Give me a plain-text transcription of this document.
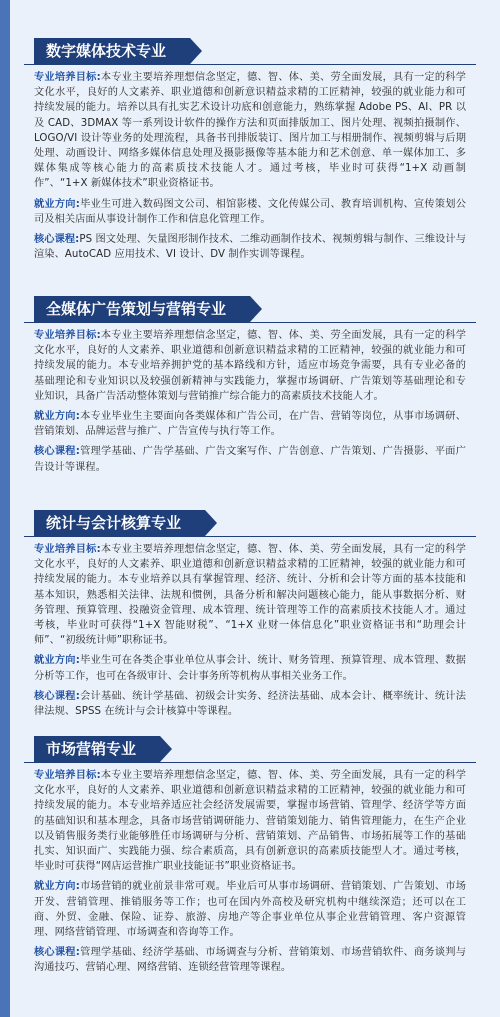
数字媒体技术专业

专业培养目标:本专业主要培养理想信念坚定，德、智、体、美、劳全面发展，具有一定的科学文化水平，良好的人文素养、职业道德和创新意识精益求精的工匠精神，较强的就业能力和可持续发展的能力。培养以具有扎实艺术设计功底和创意能力，熟练掌握 Adobe PS、AI、PR 以及 CAD、3DMAX 等一系列设计软件的操作方法和页面排版加工、图片处理、视频拍摄制作、LOGO/VI 设计等业务的处理流程，具备书刊排版装订、图片加工与相册制作、视频剪辑与后期处理、动画设计、网络多媒体信息处理及摄影摄像等基本能力和艺术创意、单一媒体加工、多媒体集成等核心能力的高素质技术技能人才。通过考核，毕业时可获得“1+X 动画制作”、“1+X 新媒体技术”职业资格证书。

就业方向:毕业生可进入数码图文公司、相馆影楼、文化传媒公司、教育培训机构、宣传策划公司及相关店面从事设计制作工作和信息化管理工作。

核心课程:PS 图文处理、矢量图形制作技术、二维动画制作技术、视频剪辑与制作、三维设计与渲染、AutoCAD 应用技术、VI 设计、DV 制作实训等课程。

全媒体广告策划与营销专业

专业培养目标:本专业主要培养理想信念坚定，德、智、体、美、劳全面发展，具有一定的科学文化水平，良好的人文素养、职业道德和创新意识精益求精的工匠精神，较强的就业能力和可持续发展的能力。本专业培养拥护党的基本路线和方针，适应市场竞争需要，具有专业必备的基础理论和专业知识以及较强创新精神与实践能力，掌握市场调研、广告策划等基础理论和专业知识，具备广告活动整体策划与营销推广综合能力的高素质技术技能人才。

就业方向:本专业毕业生主要面向各类媒体和广告公司，在广告、营销等岗位，从事市场调研、营销策划、品牌运营与推广、广告宣传与执行等工作。

核心课程:管理学基础、广告学基础、广告文案写作、广告创意、广告策划、广告摄影、平面广告设计等课程。

统计与会计核算专业

专业培养目标:本专业主要培养理想信念坚定，德、智、体、美、劳全面发展，具有一定的科学文化水平，良好的人文素养、职业道德和创新意识精益求精的工匠精神，较强的就业能力和可持续发展的能力。本专业培养以具有掌握管理、经济、统计、分析和会计等方面的基本技能和基本知识，熟悉相关法律、法规和惯例，具备分析和解决问题核心能力，能从事数据分析、财务管理、预算管理、投融资金管理、成本管理、统计管理等工作的高素质技术技能人才。通过考核，毕业时可获得“1+X 智能财税”、“1+X 业财一体信息化”职业资格证书和“助理会计师”、“初级统计师”职称证书。

就业方向:毕业生可在各类企事业单位从事会计、统计、财务管理、预算管理、成本管理、数据分析等工作，也可在各级审计、会计事务所等机构从事相关业务工作。

核心课程:会计基础、统计学基础、初级会计实务、经济法基础、成本会计、概率统计、统计法律法规、SPSS 在统计与会计核算中等课程。

市场营销专业

专业培养目标:本专业主要培养理想信念坚定，德、智、体、美、劳全面发展，具有一定的科学文化水平，良好的人文素养、职业道德和创新意识精益求精的工匠精神，较强的就业能力和可持续发展的能力。本专业培养适应社会经济发展需要，掌握市场营销、管理学、经济学等方面的基础知识和基本理念，具备市场营销调研能力、营销策划能力、销售管理能力，在生产企业以及销售服务类行业能够胜任市场调研与分析、营销策划、产品销售、市场拓展等工作的基础扎实、知识面广、实践能力强、综合素质高，具有创新意识的高素质技能型人才。通过考核，毕业时可获得“网店运营推广职业技能证书”职业资格证书。

就业方向:市场营销的就业前景非常可观。毕业后可从事市场调研、营销策划、广告策划、市场开发、营销管理、推销服务等工作；也可在国内外高校及研究机构中继续深造；还可以在工商、外贸、金融、保险、证券、旅游、房地产等企事业单位从事企业营销管理、客户资源管理、网络营销管理、市场调查和咨询等工作。

核心课程:管理学基础、经济学基础、市场调查与分析、营销策划、市场营销软件、商务谈判与沟通技巧、营销心理、网络营销、连锁经营管理等课程。
